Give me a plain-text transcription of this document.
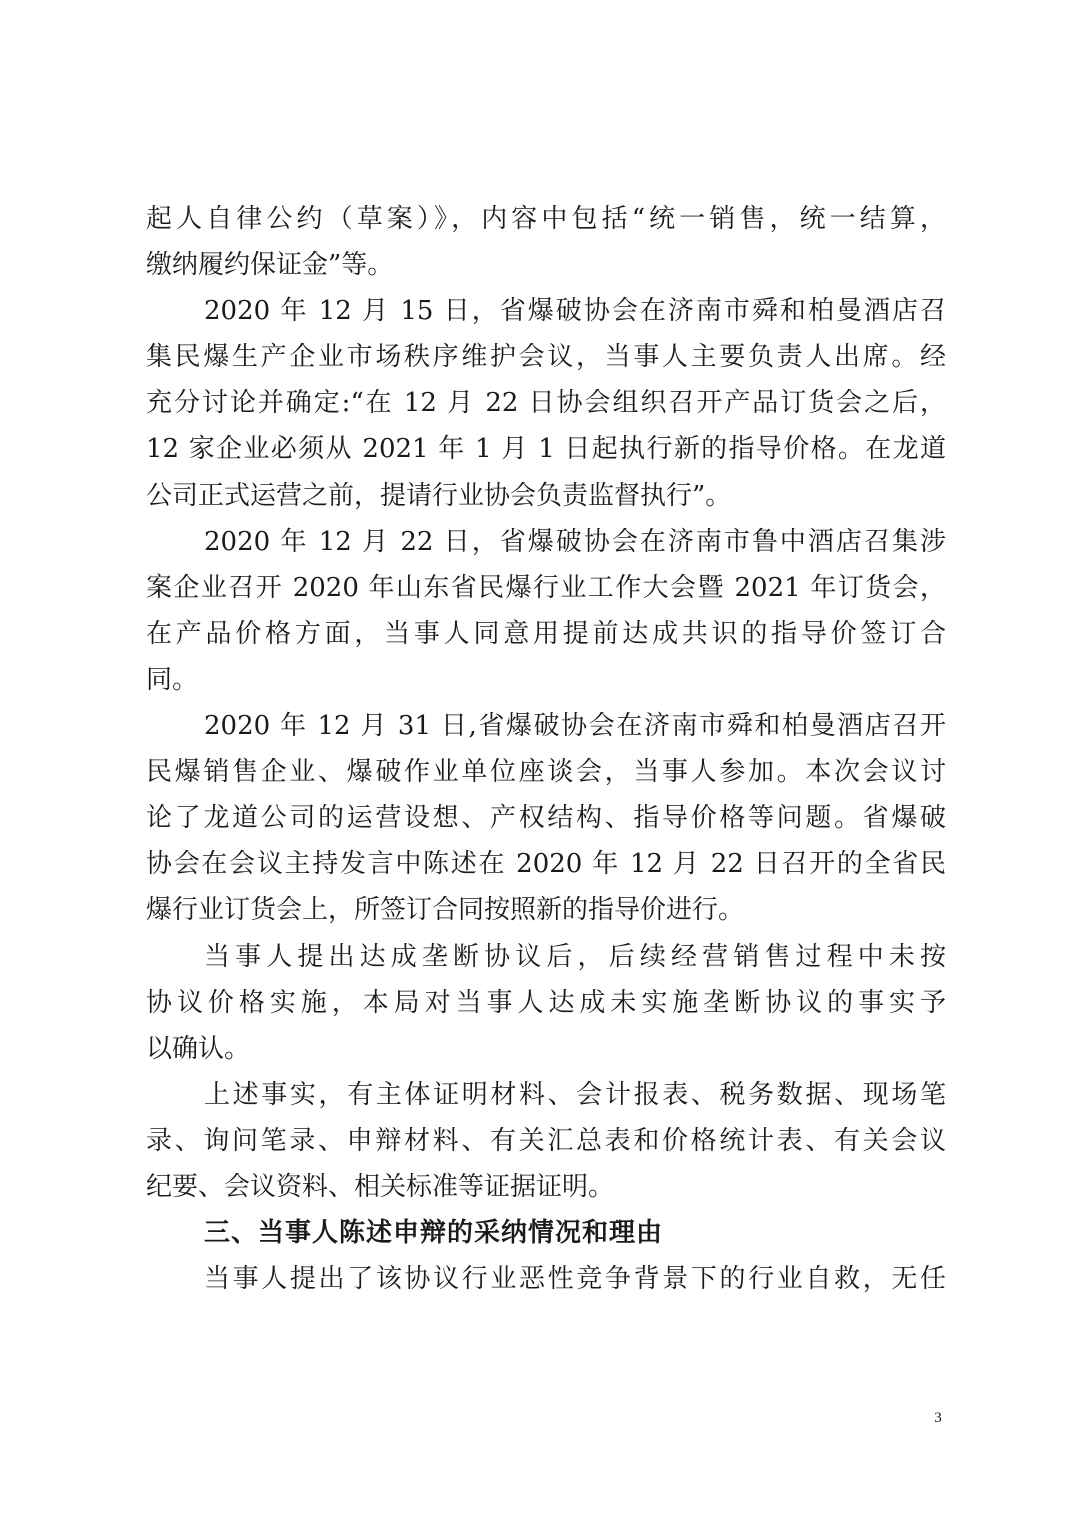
起人自律公约（草案）》，内容中包括“统一销售，统一结算，
缴纳履约保证金”等。
2020 年 12 月 15 日，省爆破协会在济南市舜和柏曼酒店召
集民爆生产企业市场秩序维护会议，当事人主要负责人出席。经
充分讨论并确定:“在 12 月 22 日协会组织召开产品订货会之后，
12 家企业必须从 2021 年 1 月 1 日起执行新的指导价格。在龙道
公司正式运营之前，提请行业协会负责监督执行”。
2020 年 12 月 22 日，省爆破协会在济南市鲁中酒店召集涉
案企业召开 2020 年山东省民爆行业工作大会暨 2021 年订货会，
在产品价格方面，当事人同意用提前达成共识的指导价签订合
同。
2020 年 12 月 31 日,省爆破协会在济南市舜和柏曼酒店召开
民爆销售企业、爆破作业单位座谈会，当事人参加。本次会议讨
论了龙道公司的运营设想、产权结构、指导价格等问题。省爆破
协会在会议主持发言中陈述在 2020 年 12 月 22 日召开的全省民
爆行业订货会上，所签订合同按照新的指导价进行。
当事人提出达成垄断协议后，后续经营销售过程中未按
协议价格实施，本局对当事人达成未实施垄断协议的事实予
以确认。
上述事实，有主体证明材料、会计报表、税务数据、现场笔
录、询问笔录、申辩材料、有关汇总表和价格统计表、有关会议
纪要、会议资料、相关标准等证据证明。
三、当事人陈述申辩的采纳情况和理由
当事人提出了该协议行业恶性竞争背景下的行业自救，无任
3
